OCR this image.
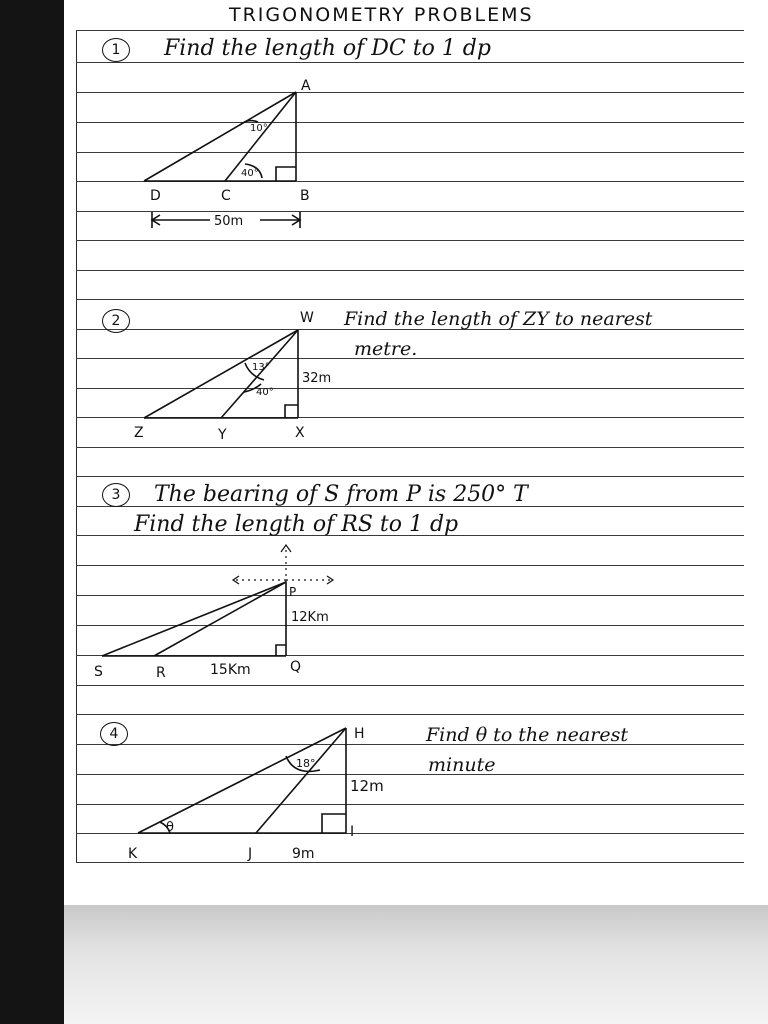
TRIGONOMETRY PROBLEMS
1	Find the length of DC to 1 dp
A
B
C
D
10°
40°
50m
2	Find the length of ZY to nearest
metre.
W
X
Y
Z
13°
40°
32m
3	The bearing of S from P is 250° T
Find the length of RS to 1 dp
P
Q
R
S
12Km
15Km
4	Find θ to the nearest
minute
H
I
J
K
18°
θ
12m
9m
